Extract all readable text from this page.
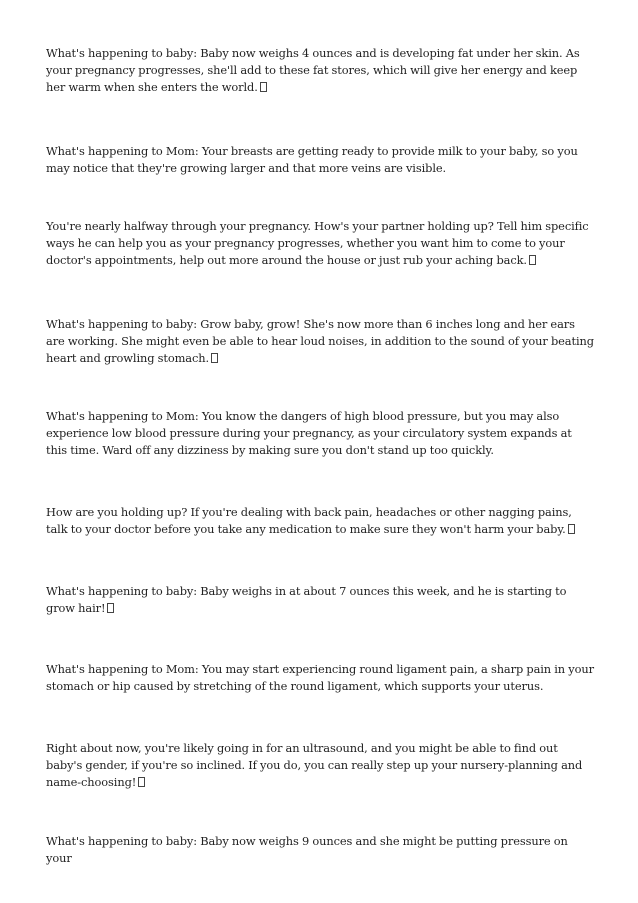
What's happening to baby: Baby now weighs 4 ounces and is developing fat under her skin. As your pregnancy progresses, she'll add to these fat stores, which will give her energy and keep her warm when she enters the world.

What's happening to Mom: Your breasts are getting ready to provide milk to your baby, so you may notice that they're growing larger and that more veins are visible.

You're nearly halfway through your pregnancy. How's your partner holding up? Tell him specific ways he can help you as your pregnancy progresses, whether you want him to come to your doctor's appointments, help out more around the house or just rub your aching back.

What's happening to baby: Grow baby, grow! She's now more than 6 inches long and her ears are working. She might even be able to hear loud noises, in addition to the sound of your beating heart and growling stomach.

What's happening to Mom: You know the dangers of high blood pressure, but you may also experience low blood pressure during your pregnancy, as your circulatory system expands at this time. Ward off any dizziness by making sure you don't stand up too quickly.

How are you holding up? If you're dealing with back pain, headaches or other nagging pains, talk to your doctor before you take any medication to make sure they won't harm your baby.

What's happening to baby: Baby weighs in at about 7 ounces this week, and he is starting to grow hair!

What's happening to Mom: You may start experiencing round ligament pain, a sharp pain in your stomach or hip caused by stretching of the round ligament, which supports your uterus.

Right about now, you're likely going in for an ultrasound, and you might be able to find out baby's gender, if you're so inclined. If you do, you can really step up your nursery-planning and name-choosing!

What's happening to baby: Baby now weighs 9 ounces and she might be putting pressure on your
